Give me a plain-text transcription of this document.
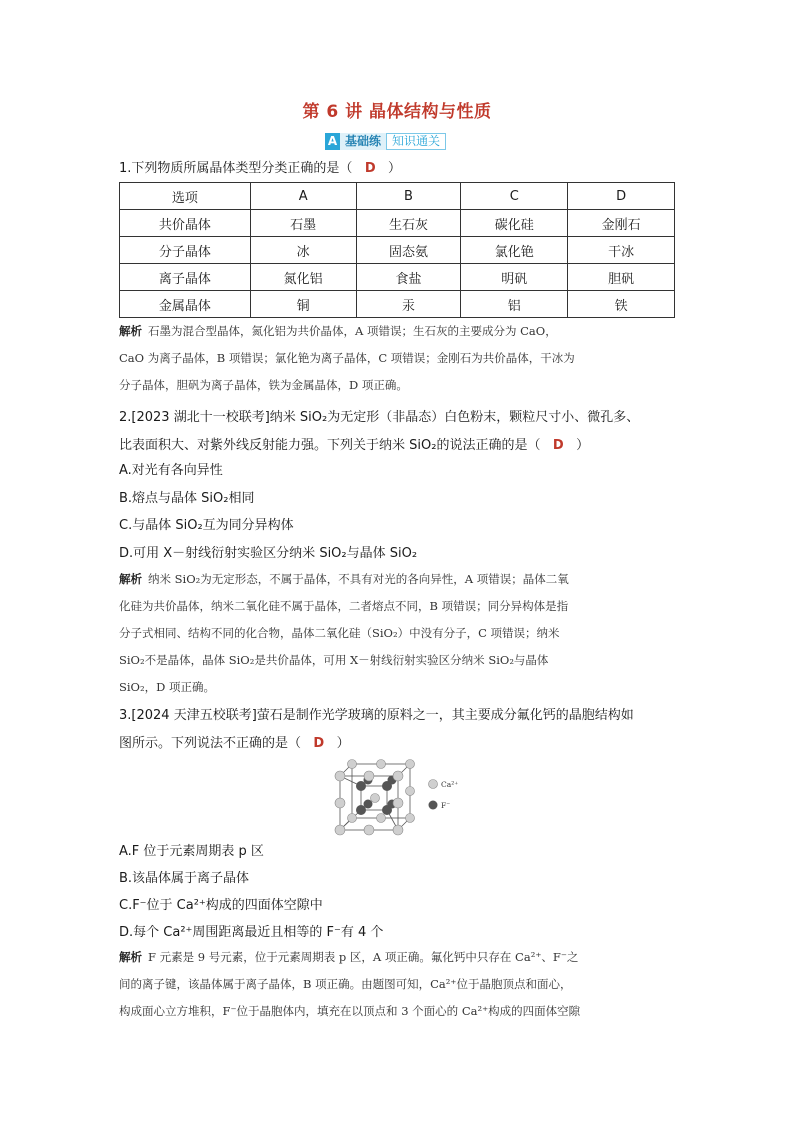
第 6 讲 晶体结构与性质
A 基础练 知识通关
1.下列物质所属晶体类型分类正确的是（ D ）
选项	A	B	C	D
共价晶体	石墨	生石灰	碳化硅	金刚石
分子晶体	冰	固态氨	氯化铯	干冰
离子晶体	氮化铝	食盐	明矾	胆矾
金属晶体	铜	汞	铝	铁
解析 石墨为混合型晶体，氮化铝为共价晶体，A 项错误；生石灰的主要成分为 CaO，
CaO 为离子晶体，B 项错误；氯化铯为离子晶体，C 项错误；金刚石为共价晶体，干冰为
分子晶体，胆矾为离子晶体，铁为金属晶体，D 项正确。
2.[2023 湖北十一校联考]纳米 SiO₂为无定形（非晶态）白色粉末，颗粒尺寸小、微孔多、
比表面积大、对紫外线反射能力强。下列关于纳米 SiO₂的说法正确的是（ D ）
A.对光有各向异性
B.熔点与晶体 SiO₂相同
C.与晶体 SiO₂互为同分异构体
D.可用 X－射线衍射实验区分纳米 SiO₂与晶体 SiO₂
解析 纳米 SiO₂为无定形态，不属于晶体，不具有对光的各向异性，A 项错误；晶体二氧
化硅为共价晶体，纳米二氧化硅不属于晶体，二者熔点不同，B 项错误；同分异构体是指
分子式相同、结构不同的化合物，晶体二氧化硅（SiO₂）中没有分子，C 项错误；纳米
SiO₂不是晶体，晶体 SiO₂是共价晶体，可用 X－射线衍射实验区分纳米 SiO₂与晶体
SiO₂，D 项正确。
3.[2024 天津五校联考]萤石是制作光学玻璃的原料之一，其主要成分氟化钙的晶胞结构如
图所示。下列说法不正确的是（ D ）
Ca²⁺
F⁻
A.F 位于元素周期表 p 区
B.该晶体属于离子晶体
C.F⁻位于 Ca²⁺构成的四面体空隙中
D.每个 Ca²⁺周围距离最近且相等的 F⁻有 4 个
解析 F 元素是 9 号元素，位于元素周期表 p 区，A 项正确。氟化钙中只存在 Ca²⁺、F⁻之
间的离子键，该晶体属于离子晶体，B 项正确。由题图可知，Ca²⁺位于晶胞顶点和面心，
构成面心立方堆积，F⁻位于晶胞体内，填充在以顶点和 3 个面心的 Ca²⁺构成的四面体空隙
